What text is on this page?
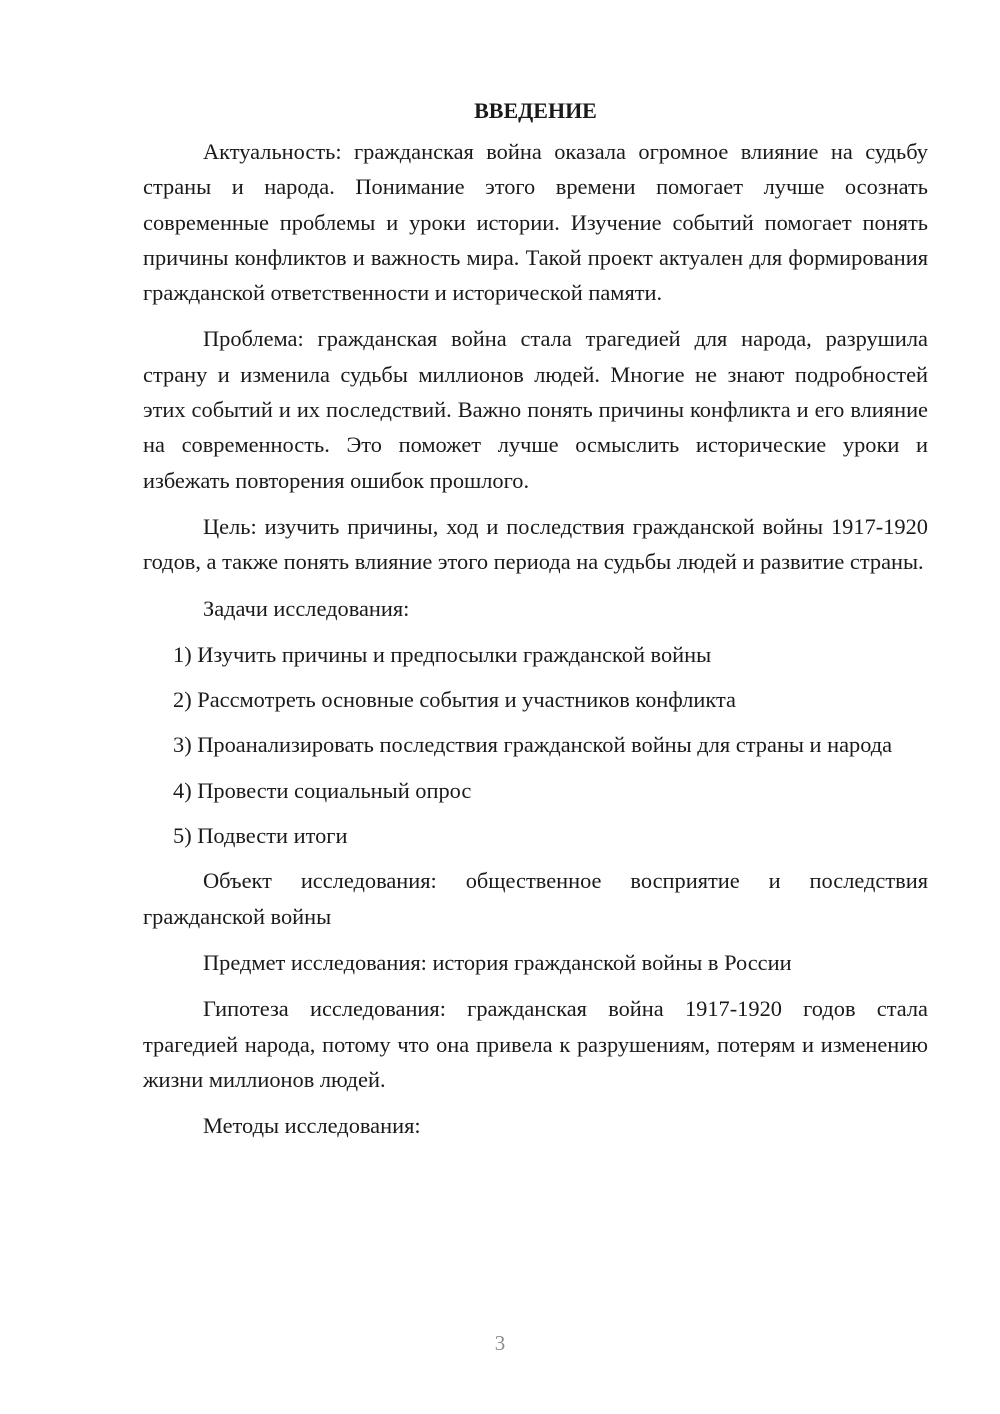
ВВЕДЕНИЕ

Актуальность: гражданская война оказала огромное влияние на судьбу страны и народа. Понимание этого времени помогает лучше осознать современные проблемы и уроки истории. Изучение событий помогает понять причины конфликтов и важность мира. Такой проект актуален для формирования гражданской ответственности и исторической памяти.

Проблема: гражданская война стала трагедией для народа, разрушила страну и изменила судьбы миллионов людей. Многие не знают подробностей этих событий и их последствий. Важно понять причины конфликта и его влияние на современность. Это поможет лучше осмыслить исторические уроки и избежать повторения ошибок прошлого.

Цель: изучить причины, ход и последствия гражданской войны 1917-1920 годов, а также понять влияние этого периода на судьбы людей и развитие страны.

Задачи исследования:

1) Изучить причины и предпосылки гражданской войны

2) Рассмотреть основные события и участников конфликта

3) Проанализировать последствия гражданской войны для страны и народа

4) Провести социальный опрос

5) Подвести итоги

Объект исследования: общественное восприятие и последствия гражданской войны

Предмет исследования: история гражданской войны в России

Гипотеза исследования: гражданская война 1917-1920 годов стала трагедией народа, потому что она привела к разрушениям, потерям и изменению жизни миллионов людей.

Методы исследования:

3
